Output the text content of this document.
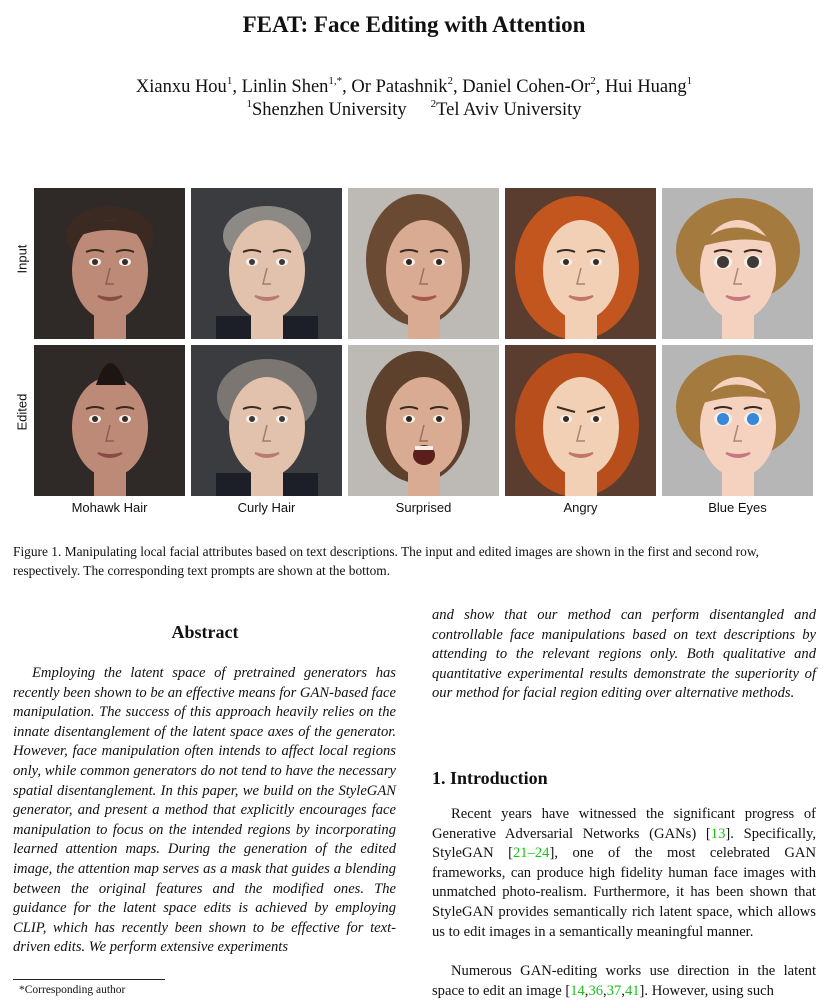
FEAT: Face Editing with Attention
Xianxu Hou$^1$, Linlin Shen$^{1,*}$, Or Patashnik$^2$, Daniel Cohen-Or$^2$, Hui Huang$^1$
$^1$Shenzhen University $^2$Tel Aviv University
Input
Edited
Mohawk Hair	Curly Hair	Surprised	Angry	Blue Eyes
Figure 1. Manipulating local facial attributes based on text descriptions. The input and edited images are shown in the first and second row, respectively. The corresponding text prompts are shown at the bottom.
Abstract
Employing the latent space of pretrained generators has recently been shown to be an effective means for GAN-based face manipulation. The success of this approach heavily relies on the innate disentanglement of the latent space axes of the generator. However, face manipulation often intends to affect local regions only, while common generators do not tend to have the necessary spatial disentanglement. In this paper, we build on the StyleGAN generator, and present a method that explicitly encourages face manipulation to focus on the intended regions by incorporating learned attention maps. During the generation of the edited image, the attention map serves as a mask that guides a blending between the original features and the modified ones. The guidance for the latent space edits is achieved by employing CLIP, which has recently been shown to be effective for text-driven edits. We perform extensive experiments
and show that our method can perform disentangled and controllable face manipulations based on text descriptions by attending to the relevant regions only. Both qualitative and quantitative experimental results demonstrate the superiority of our method for facial region editing over alternative methods.
1. Introduction
Recent years have witnessed the significant progress of Generative Adversarial Networks (GANs) [13]. Specifically, StyleGAN [21–24], one of the most celebrated GAN frameworks, can produce high fidelity human face images with unmatched photo-realism. Furthermore, it has been shown that StyleGAN provides semantically rich latent space, which allows us to edit images in a semantically meaningful manner.
Numerous GAN-editing works use direction in the latent space to edit an image [14,36,37,41]. However, using such
*Corresponding author
